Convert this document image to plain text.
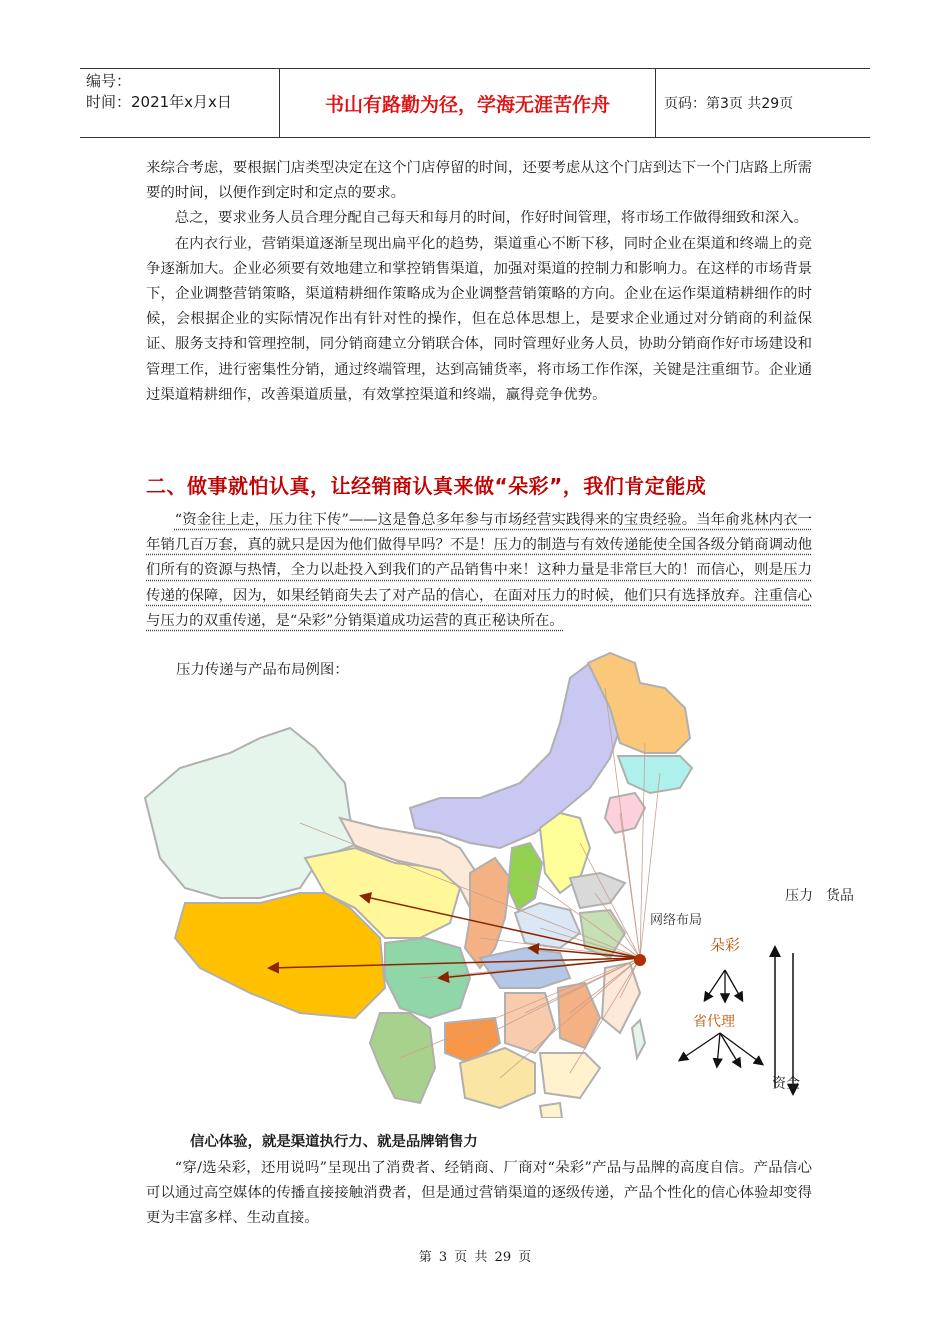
编号：
时间：2021年x月x日	书山有路勤为径，学海无涯苦作舟	页码：第3页 共29页

来综合考虑，要根据门店类型决定在这个门店停留的时间，还要考虑从这个门店到达下一个门店路上所需要的时间，以便作到定时和定点的要求。

总之，要求业务人员合理分配自己每天和每月的时间，作好时间管理，将市场工作做得细致和深入。

在内衣行业，营销渠道逐渐呈现出扁平化的趋势，渠道重心不断下移，同时企业在渠道和终端上的竞争逐渐加大。企业必须要有效地建立和掌控销售渠道，加强对渠道的控制力和影响力。在这样的市场背景下，企业调整营销策略，渠道精耕细作策略成为企业调整营销策略的方向。企业在运作渠道精耕细作的时候，会根据企业的实际情况作出有针对性的操作，但在总体思想上，是要求企业通过对分销商的利益保证、服务支持和管理控制，同分销商建立分销联合体，同时管理好业务人员，协助分销商作好市场建设和管理工作，进行密集性分销，通过终端管理，达到高铺货率，将市场工作作深，关键是注重细节。企业通过渠道精耕细作，改善渠道质量，有效掌控渠道和终端，赢得竞争优势。

二、做事就怕认真，让经销商认真来做“朵彩”，我们肯定能成

“资金往上走，压力往下传”——这是鲁总多年参与市场经营实践得来的宝贵经验。当年俞兆林内衣一年销几百万套，真的就只是因为他们做得早吗？不是！压力的制造与有效传递能使全国各级分销商调动他们所有的资源与热情，全力以赴投入到我们的产品销售中来！这种力量是非常巨大的！而信心，则是压力传递的保障，因为，如果经销商失去了对产品的信心，在面对压力的时候，他们只有选择放弃。注重信心与压力的双重传递，是“朵彩”分销渠道成功运营的真正秘诀所在。

压力传递与产品布局例图：
网络布局
压力 货品
朵彩
省代理
资金
信心体验，就是渠道执行力、就是品牌销售力

“穿/选朵彩，还用说吗”呈现出了消费者、经销商、厂商对“朵彩”产品与品牌的高度自信。产品信心可以通过高空媒体的传播直接接触消费者，但是通过营销渠道的逐级传递，产品个性化的信心体验却变得更为丰富多样、生动直接。

第 3 页 共 29 页
